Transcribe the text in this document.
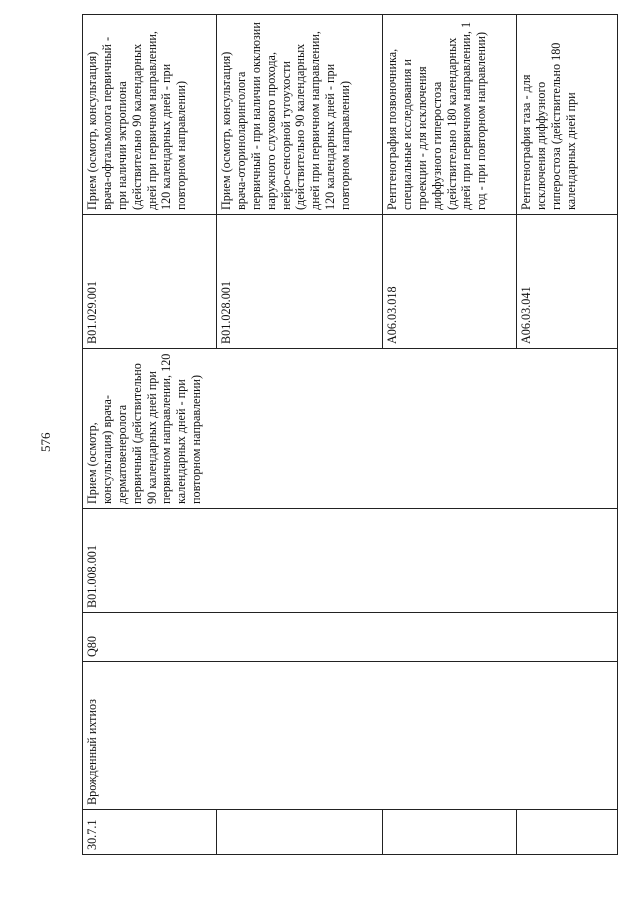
576
30.7.1	Врожденный ихтиоз	Q80	B01.008.001	Прием (осмотр, консультация) врача-дерматовенеролога первичный (действительно 90 календарных дней при первичном направлении, 120 календарных дней - при повторном направлении)	B01.029.001	Прием (осмотр, консультация) врача-офтальмолога первичный - при наличии эктропиона (действительно 90 календарных дней при первичном направлении, 120 календарных дней - при повторном направлении)
					B01.028.001	Прием (осмотр, консультация) врача-оториноларинголога первичный - при наличии окклюзии наружного слухового прохода, нейро-сенсорной тугоухости (действительно 90 календарных дней при первичном направлении, 120 календарных дней - при повторном направлении)
					A06.03.018	Рентгенография позвоночника, специальные исследования и проекции - для исключения диффузного гиперостоза (действительно 180 календарных дней при первичном направлении, 1 год - при повторном направлении)
					A06.03.041	Рентгенография таза - для исключения диффузного гиперостоза (действительно 180 календарных дней при
